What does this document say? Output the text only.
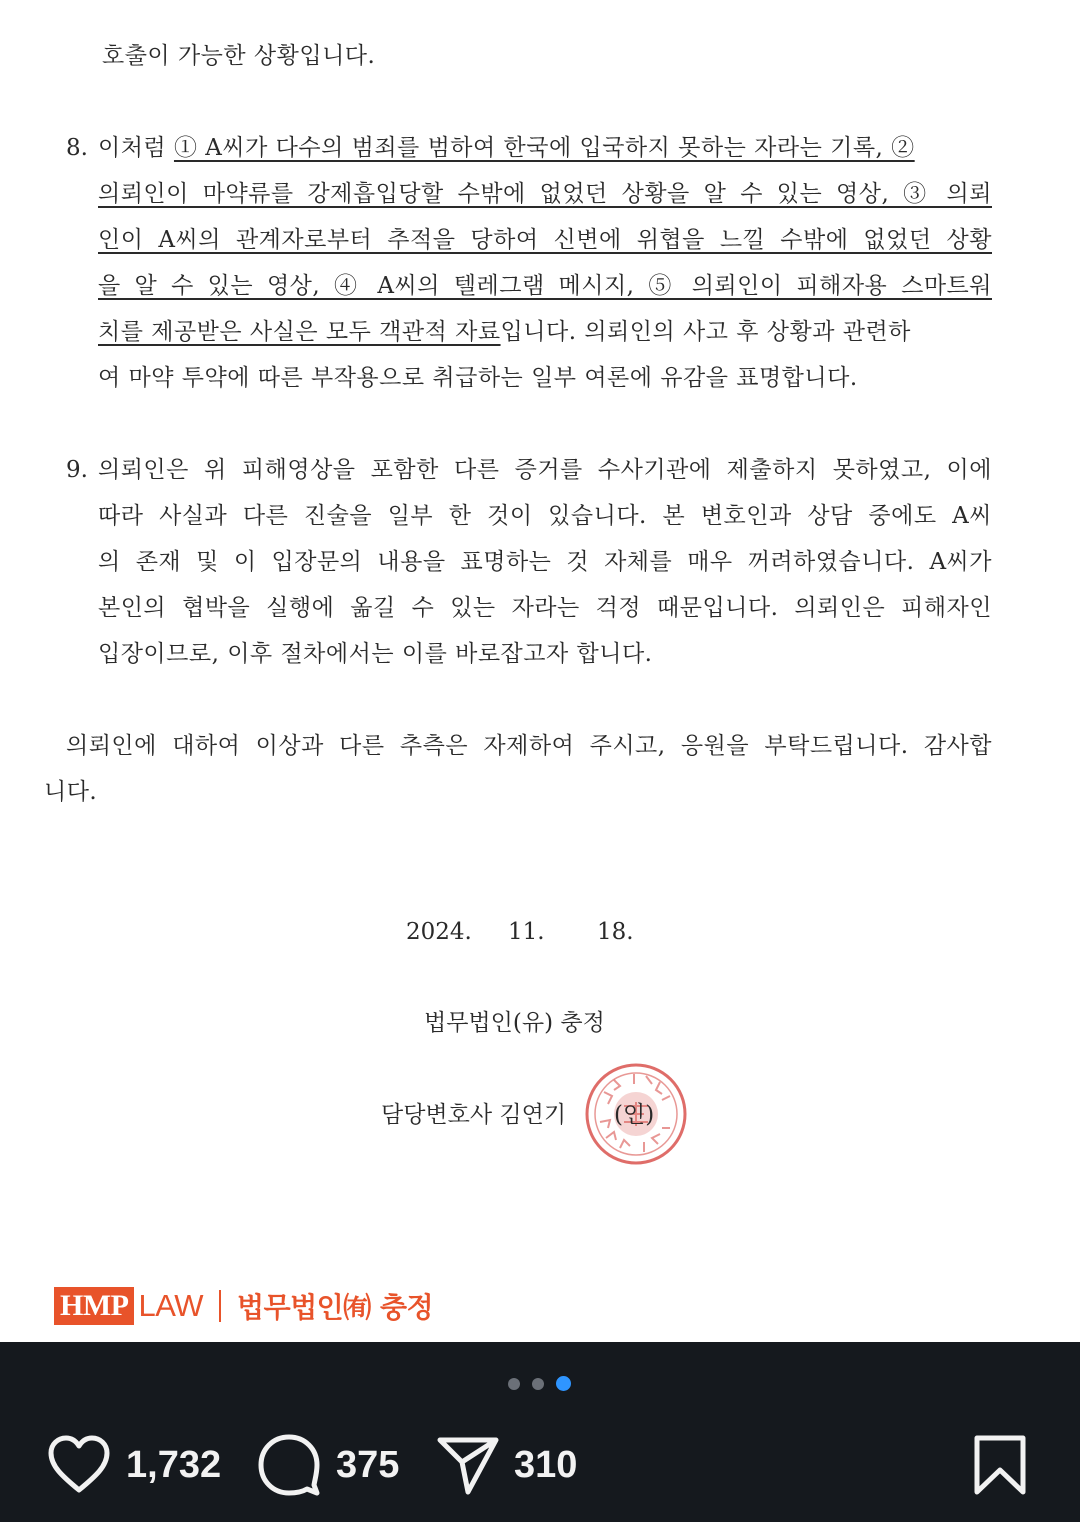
호출이 가능한 상황입니다.
8. 이처럼 ① A씨가 다수의 범죄를 범하여 한국에 입국하지 못하는 자라는 기록, ②
의뢰인이 마약류를 강제흡입당할 수밖에 없었던 상황을 알 수 있는 영상, ③ 의뢰
인이 A씨의 관계자로부터 추적을 당하여 신변에 위협을 느낄 수밖에 없었던 상황
을 알 수 있는 영상, ④ A씨의 텔레그램 메시지, ⑤ 의뢰인이 피해자용 스마트워
치를 제공받은 사실은 모두 객관적 자료입니다. 의뢰인의 사고 후 상황과 관련하
여 마약 투약에 따른 부작용으로 취급하는 일부 여론에 유감을 표명합니다.
9. 의뢰인은 위 피해영상을 포함한 다른 증거를 수사기관에 제출하지 못하였고, 이에
따라 사실과 다른 진술을 일부 한 것이 있습니다. 본 변호인과 상담 중에도 A씨
의 존재 및 이 입장문의 내용을 표명하는 것 자체를 매우 꺼려하였습니다. A씨가
본인의 협박을 실행에 옮길 수 있는 자라는 걱정 때문입니다. 의뢰인은 피해자인
입장이므로, 이후 절차에서는 이를 바로잡고자 합니다.
의뢰인에 대하여 이상과 다른 추측은 자제하여 주시고, 응원을 부탁드립니다. 감사합
니다.
2024. 11. 18.
법무법인(유) 충정
담당변호사 김연기 (인)
HMP LAW 법무법인㈲ 충정
1,732	375	310
